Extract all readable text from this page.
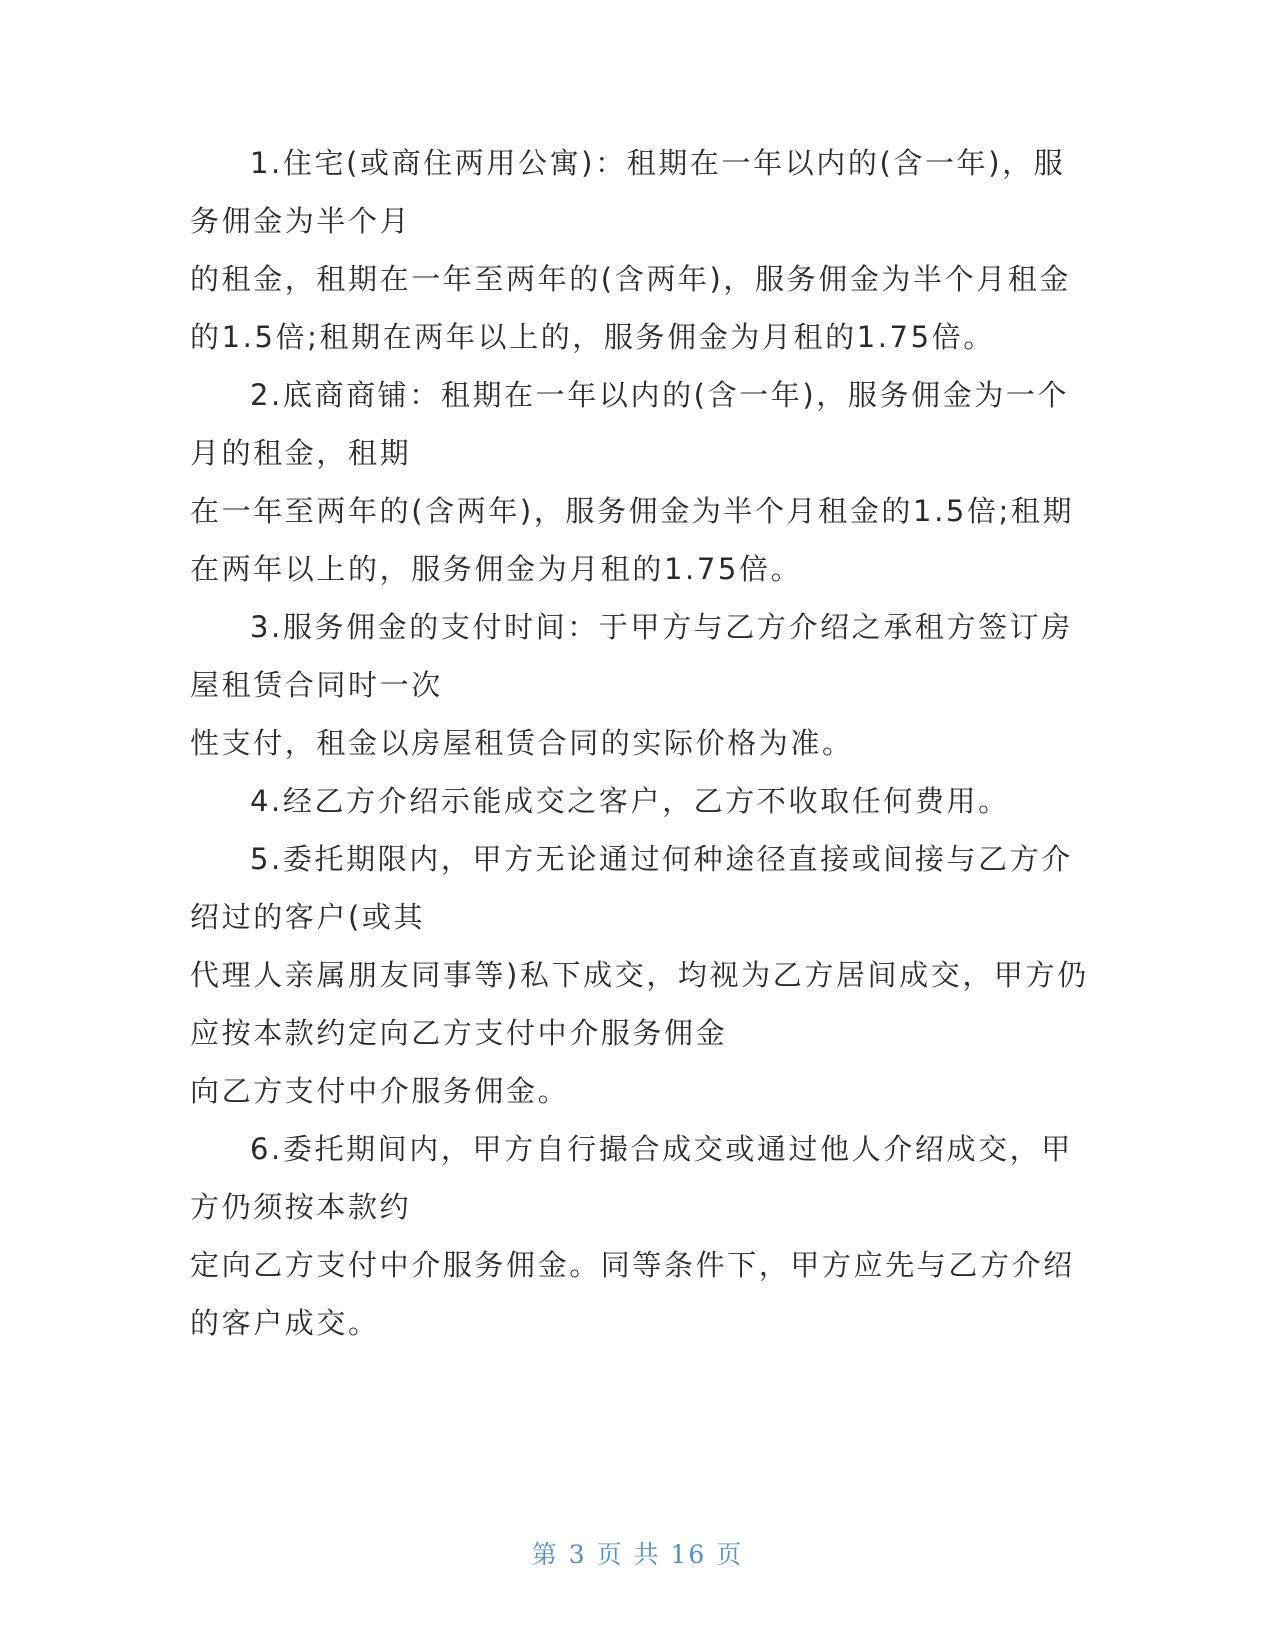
1.住宅(或商住两用公寓)：租期在一年以内的(含一年)，服
务佣金为半个月
的租金，租期在一年至两年的(含两年)，服务佣金为半个月租金
的1.5倍;租期在两年以上的，服务佣金为月租的1.75倍。
2.底商商铺：租期在一年以内的(含一年)，服务佣金为一个
月的租金，租期
在一年至两年的(含两年)，服务佣金为半个月租金的1.5倍;租期
在两年以上的，服务佣金为月租的1.75倍。
3.服务佣金的支付时间：于甲方与乙方介绍之承租方签订房
屋租赁合同时一次
性支付，租金以房屋租赁合同的实际价格为准。
4.经乙方介绍示能成交之客户，乙方不收取任何费用。
5.委托期限内，甲方无论通过何种途径直接或间接与乙方介
绍过的客户(或其
代理人亲属朋友同事等)私下成交，均视为乙方居间成交，甲方仍
应按本款约定向乙方支付中介服务佣金
向乙方支付中介服务佣金。
6.委托期间内，甲方自行撮合成交或通过他人介绍成交，甲
方仍须按本款约
定向乙方支付中介服务佣金。同等条件下，甲方应先与乙方介绍
的客户成交。
第 3 页 共 16 页
